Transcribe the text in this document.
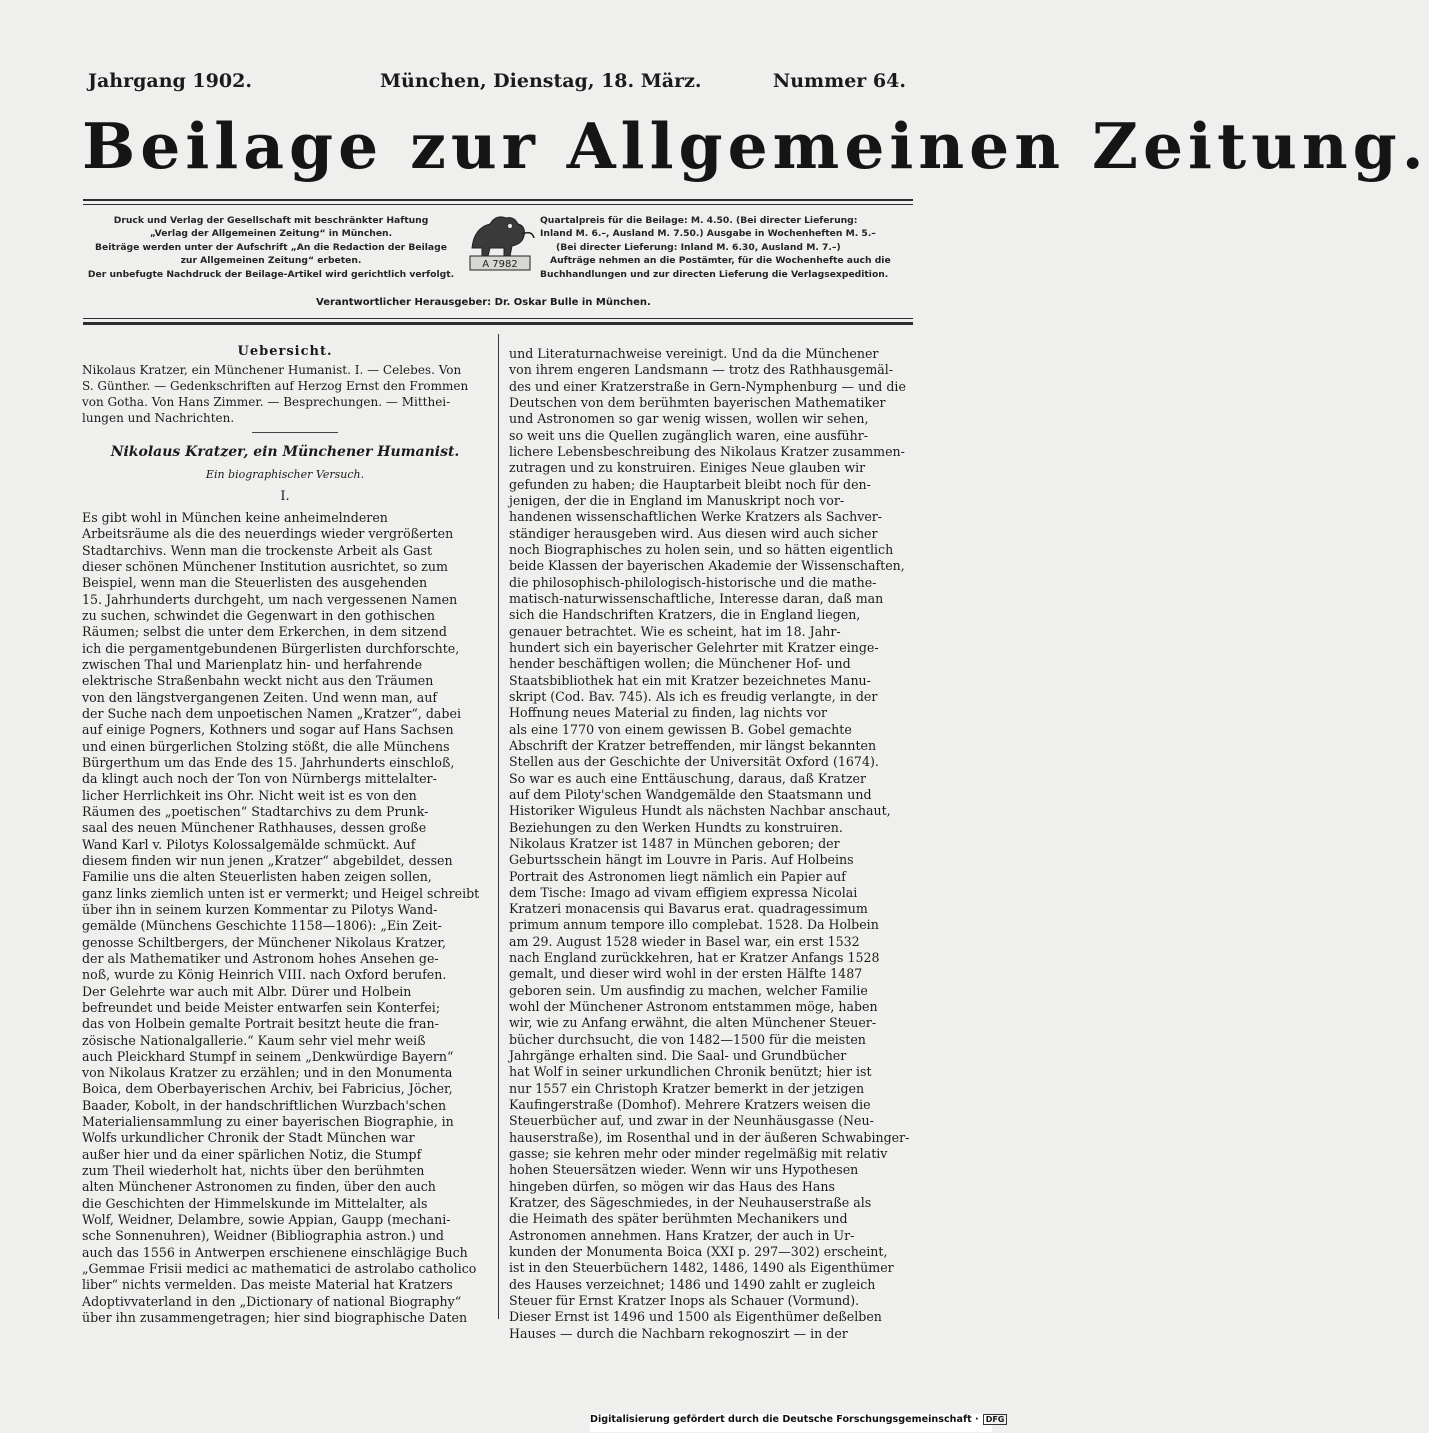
Jahrgang 1902.	München, Dienstag, 18. März.	Nummer 64.
Beilage zur Allgemeinen Zeitung.
Druck und Verlag der Gesellschaft mit beschränkter Haftung
„Verlag der Allgemeinen Zeitung“ in München.
Beiträge werden unter der Aufschrift „An die Redaction der Beilage
zur Allgemeinen Zeitung“ erbeten.
Der unbefugte Nachdruck der Beilage-Artikel wird gerichtlich verfolgt.
A 7982
Quartalpreis für die Beilage: M. 4.50. (Bei directer Lieferung:
Inland M. 6.–, Ausland M. 7.50.) Ausgabe in Wochenheften M. 5.–
(Bei directer Lieferung: Inland M. 6.30, Ausland M. 7.–)
Aufträge nehmen an die Postämter, für die Wochenhefte auch die
Buchhandlungen und zur directen Lieferung die Verlagsexpedition.
Verantwortlicher Herausgeber: Dr. Oskar Bulle in München.
Uebersicht.
Nikolaus Kratzer, ein Münchener Humanist. I. — Celebes. Von
S. Günther. — Gedenkschriften auf Herzog Ernst den Frommen
von Gotha. Von Hans Zimmer. — Besprechungen. — Mitthei-
lungen und Nachrichten.
Nikolaus Kratzer, ein Münchener Humanist.
Ein biographischer Versuch.
I.
Es gibt wohl in München keine anheimelnderen
Arbeitsräume als die des neuerdings wieder vergrößerten
Stadtarchivs. Wenn man die trockenste Arbeit als Gast
dieser schönen Münchener Institution ausrichtet, so zum
Beispiel, wenn man die Steuerlisten des ausgehenden
15. Jahrhunderts durchgeht, um nach vergessenen Namen
zu suchen, schwindet die Gegenwart in den gothischen
Räumen; selbst die unter dem Erkerchen, in dem sitzend
ich die pergamentgebundenen Bürgerlisten durchforschte,
zwischen Thal und Marienplatz hin- und herfahrende
elektrische Straßenbahn weckt nicht aus den Träumen
von den längstvergangenen Zeiten. Und wenn man, auf
der Suche nach dem unpoetischen Namen „Kratzer“, dabei
auf einige Pogners, Kothners und sogar auf Hans Sachsen
und einen bürgerlichen Stolzing stößt, die alle Münchens
Bürgerthum um das Ende des 15. Jahrhunderts einschloß,
da klingt auch noch der Ton von Nürnbergs mittelalter-
licher Herrlichkeit ins Ohr. Nicht weit ist es von den
Räumen des „poetischen“ Stadtarchivs zu dem Prunk-
saal des neuen Münchener Rathhauses, dessen große
Wand Karl v. Pilotys Kolossalgemälde schmückt. Auf
diesem finden wir nun jenen „Kratzer“ abgebildet, dessen
Familie uns die alten Steuerlisten haben zeigen sollen,
ganz links ziemlich unten ist er vermerkt; und Heigel schreibt
über ihn in seinem kurzen Kommentar zu Pilotys Wand-
gemälde (Münchens Geschichte 1158—1806): „Ein Zeit-
genosse Schiltbergers, der Münchener Nikolaus Kratzer,
der als Mathematiker und Astronom hohes Ansehen ge-
noß, wurde zu König Heinrich VIII. nach Oxford berufen.
Der Gelehrte war auch mit Albr. Dürer und Holbein
befreundet und beide Meister entwarfen sein Konterfei;
das von Holbein gemalte Portrait besitzt heute die fran-
zösische Nationalgallerie.“ Kaum sehr viel mehr weiß
auch Pleickhard Stumpf in seinem „Denkwürdige Bayern“
von Nikolaus Kratzer zu erzählen; und in den Monumenta
Boica, dem Oberbayerischen Archiv, bei Fabricius, Jöcher,
Baader, Kobolt, in der handschriftlichen Wurzbach'schen
Materialiensammlung zu einer bayerischen Biographie, in
Wolfs urkundlicher Chronik der Stadt München war
außer hier und da einer spärlichen Notiz, die Stumpf
zum Theil wiederholt hat, nichts über den berühmten
alten Münchener Astronomen zu finden, über den auch
die Geschichten der Himmelskunde im Mittelalter, als
Wolf, Weidner, Delambre, sowie Appian, Gaupp (mechani-
sche Sonnenuhren), Weidner (Bibliographia astron.) und
auch das 1556 in Antwerpen erschienene einschlägige Buch
„Gemmae Frisii medici ac mathematici de astrolabo catholico
liber“ nichts vermelden. Das meiste Material hat Kratzers
Adoptivvaterland in den „Dictionary of national Biography“
über ihn zusammengetragen; hier sind biographische Daten
und Literaturnachweise vereinigt. Und da die Münchener
von ihrem engeren Landsmann — trotz des Rathhausgemäl-
des und einer Kratzerstraße in Gern-Nymphenburg — und die
Deutschen von dem berühmten bayerischen Mathematiker
und Astronomen so gar wenig wissen, wollen wir sehen,
so weit uns die Quellen zugänglich waren, eine ausführ-
lichere Lebensbeschreibung des Nikolaus Kratzer zusammen-
zutragen und zu konstruiren. Einiges Neue glauben wir
gefunden zu haben; die Hauptarbeit bleibt noch für den-
jenigen, der die in England im Manuskript noch vor-
handenen wissenschaftlichen Werke Kratzers als Sachver-
ständiger herausgeben wird. Aus diesen wird auch sicher
noch Biographisches zu holen sein, und so hätten eigentlich
beide Klassen der bayerischen Akademie der Wissenschaften,
die philosophisch-philologisch-historische und die mathe-
matisch-naturwissenschaftliche, Interesse daran, daß man
sich die Handschriften Kratzers, die in England liegen,
genauer betrachtet. Wie es scheint, hat im 18. Jahr-
hundert sich ein bayerischer Gelehrter mit Kratzer einge-
hender beschäftigen wollen; die Münchener Hof- und
Staatsbibliothek hat ein mit Kratzer bezeichnetes Manu-
skript (Cod. Bav. 745). Als ich es freudig verlangte, in der
Hoffnung neues Material zu finden, lag nichts vor
als eine 1770 von einem gewissen B. Gobel gemachte
Abschrift der Kratzer betreffenden, mir längst bekannten
Stellen aus der Geschichte der Universität Oxford (1674).
So war es auch eine Enttäuschung, daraus, daß Kratzer
auf dem Piloty'schen Wandgemälde den Staatsmann und
Historiker Wiguleus Hundt als nächsten Nachbar anschaut,
Beziehungen zu den Werken Hundts zu konstruiren.
Nikolaus Kratzer ist 1487 in München geboren; der
Geburtsschein hängt im Louvre in Paris. Auf Holbeins
Portrait des Astronomen liegt nämlich ein Papier auf
dem Tische: Imago ad vivam effigiem expressa Nicolai
Kratzeri monacensis qui Bavarus erat. quadragessimum
primum annum tempore illo complebat. 1528. Da Holbein
am 29. August 1528 wieder in Basel war, ein erst 1532
nach England zurückkehren, hat er Kratzer Anfangs 1528
gemalt, und dieser wird wohl in der ersten Hälfte 1487
geboren sein. Um ausfindig zu machen, welcher Familie
wohl der Münchener Astronom entstammen möge, haben
wir, wie zu Anfang erwähnt, die alten Münchener Steuer-
bücher durchsucht, die von 1482—1500 für die meisten
Jahrgänge erhalten sind. Die Saal- und Grundbücher
hat Wolf in seiner urkundlichen Chronik benützt; hier ist
nur 1557 ein Christoph Kratzer bemerkt in der jetzigen
Kaufingerstraße (Domhof). Mehrere Kratzers weisen die
Steuerbücher auf, und zwar in der Neunhäusgasse (Neu-
hauserstraße), im Rosenthal und in der äußeren Schwabinger-
gasse; sie kehren mehr oder minder regelmäßig mit relativ
hohen Steuersätzen wieder. Wenn wir uns Hypothesen
hingeben dürfen, so mögen wir das Haus des Hans
Kratzer, des Sägeschmiedes, in der Neuhauserstraße als
die Heimath des später berühmten Mechanikers und
Astronomen annehmen. Hans Kratzer, der auch in Ur-
kunden der Monumenta Boica (XXI p. 297—302) erscheint,
ist in den Steuerbüchern 1482, 1486, 1490 als Eigenthümer
des Hauses verzeichnet; 1486 und 1490 zahlt er zugleich
Steuer für Ernst Kratzer Inops als Schauer (Vormund).
Dieser Ernst ist 1496 und 1500 als Eigenthümer deßelben
Hauses — durch die Nachbarn rekognoszirt — in der
Digitalisierung gefördert durch die Deutsche Forschungsgemeinschaft · DFG
